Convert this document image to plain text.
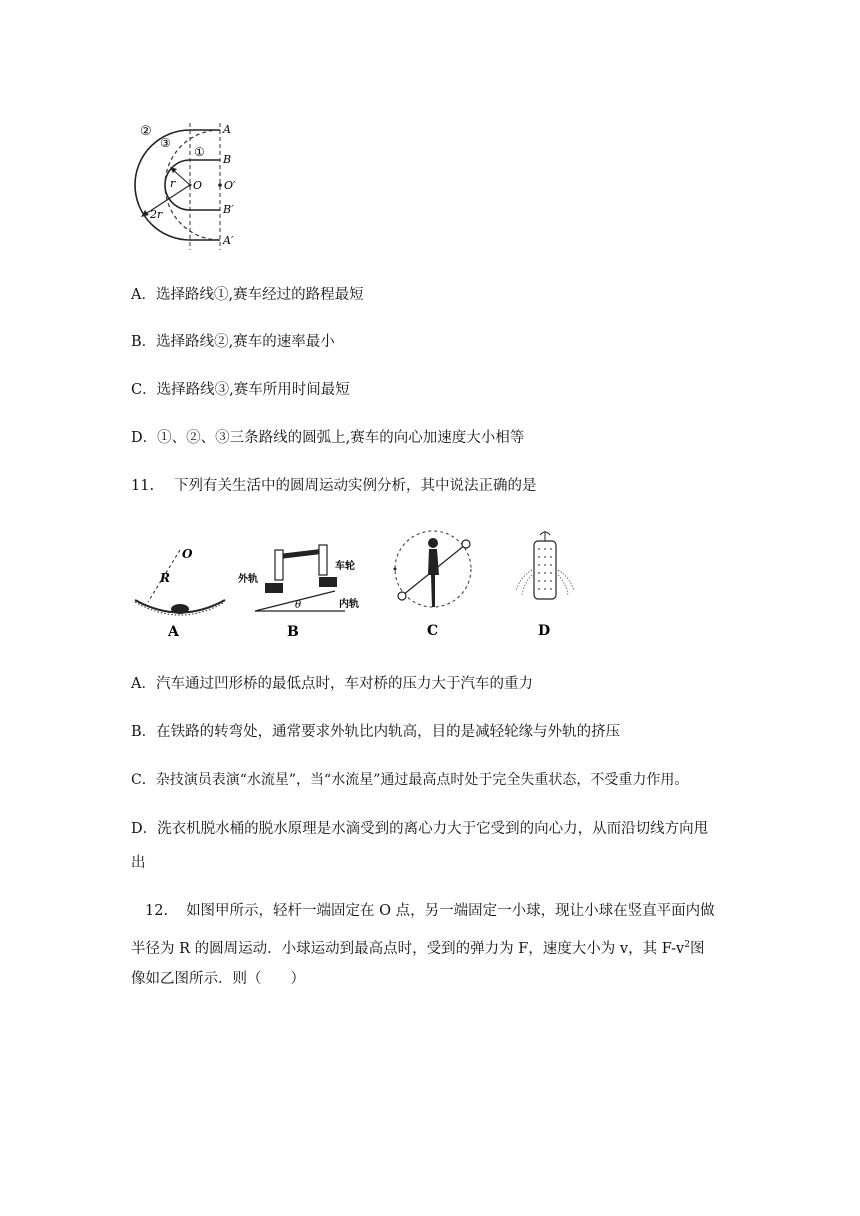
②
③
①
A
B
O′
B′
A′
r O
2r
A．选择路线①,赛车经过的路程最短
B．选择路线②,赛车的速率最小
C．选择路线③,赛车所用时间最短
D．①、②、③三条路线的圆弧上,赛车的向心加速度大小相等
11. 下列有关生活中的圆周运动实例分析，其中说法正确的是
O
R
A
外轨
车轮
内轨
θ
B	C	D
A．汽车通过凹形桥的最低点时，车对桥的压力大于汽车的重力
B．在铁路的转弯处，通常要求外轨比内轨高，目的是减轻轮缘与外轨的挤压
C．杂技演员表演“水流星”，当“水流星”通过最高点时处于完全失重状态，不受重力作用。
D．洗衣机脱水桶的脱水原理是水滴受到的离心力大于它受到的向心力，从而沿切线方向甩
出
12. 如图甲所示，轻杆一端固定在 O 点，另一端固定一小球，现让小球在竖直平面内做
半径为 R 的圆周运动．小球运动到最高点时，受到的弹力为 F，速度大小为 v，其 $F-v^2$图
像如乙图所示．则（　　）
